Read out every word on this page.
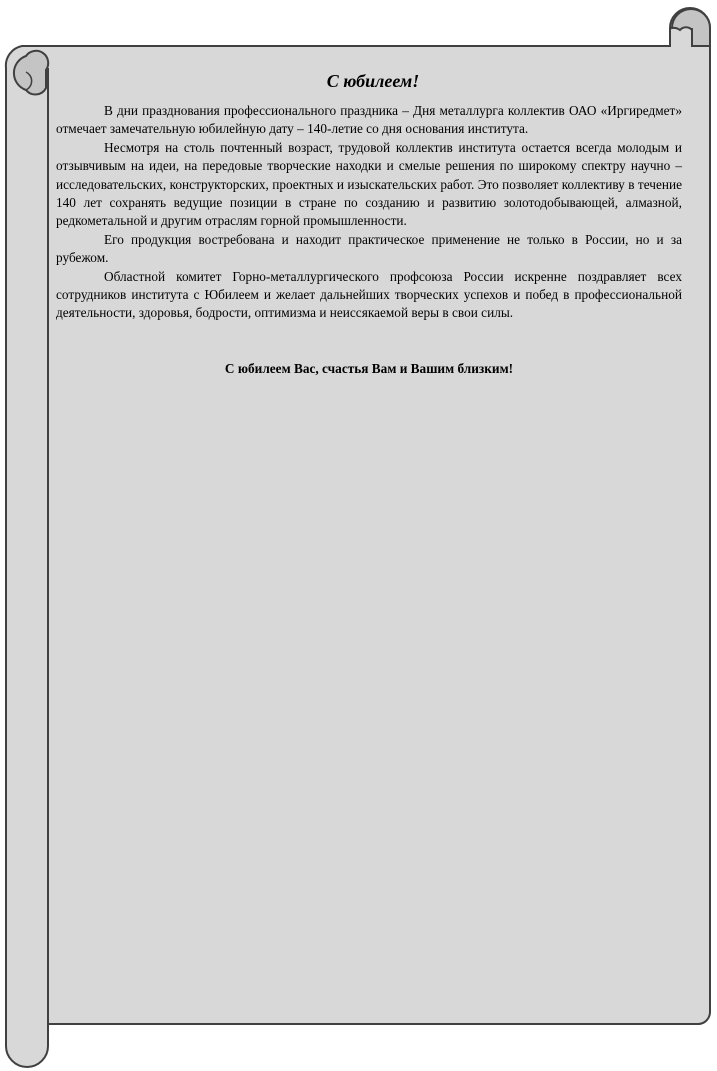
С юбилеем!

В дни празднования профессионального праздника – Дня металлурга коллектив ОАО «Иргиредмет» отмечает замечательную юбилейную дату – 140-летие со дня основания института.

Несмотря на столь почтенный возраст, трудовой коллектив института остается всегда молодым и отзывчивым на идеи, на передовые творческие находки и смелые решения по широкому спектру научно – исследовательских, конструкторских, проектных и изыскательских работ. Это позволяет коллективу в течение 140 лет сохранять ведущие позиции в стране по созданию и развитию золотодобывающей, алмазной, редкометальной и другим отраслям горной промышленности.

Его продукция востребована и находит практическое применение не только в России, но и за рубежом.

Областной комитет Горно-металлургического профсоюза России искренне поздравляет всех сотрудников института с Юбилеем и желает дальнейших творческих успехов и побед в профессиональной деятельности, здоровья, бодрости, оптимизма и неиссякаемой веры в свои силы.

С юбилеем Вас, счастья Вам и Вашим близким!
